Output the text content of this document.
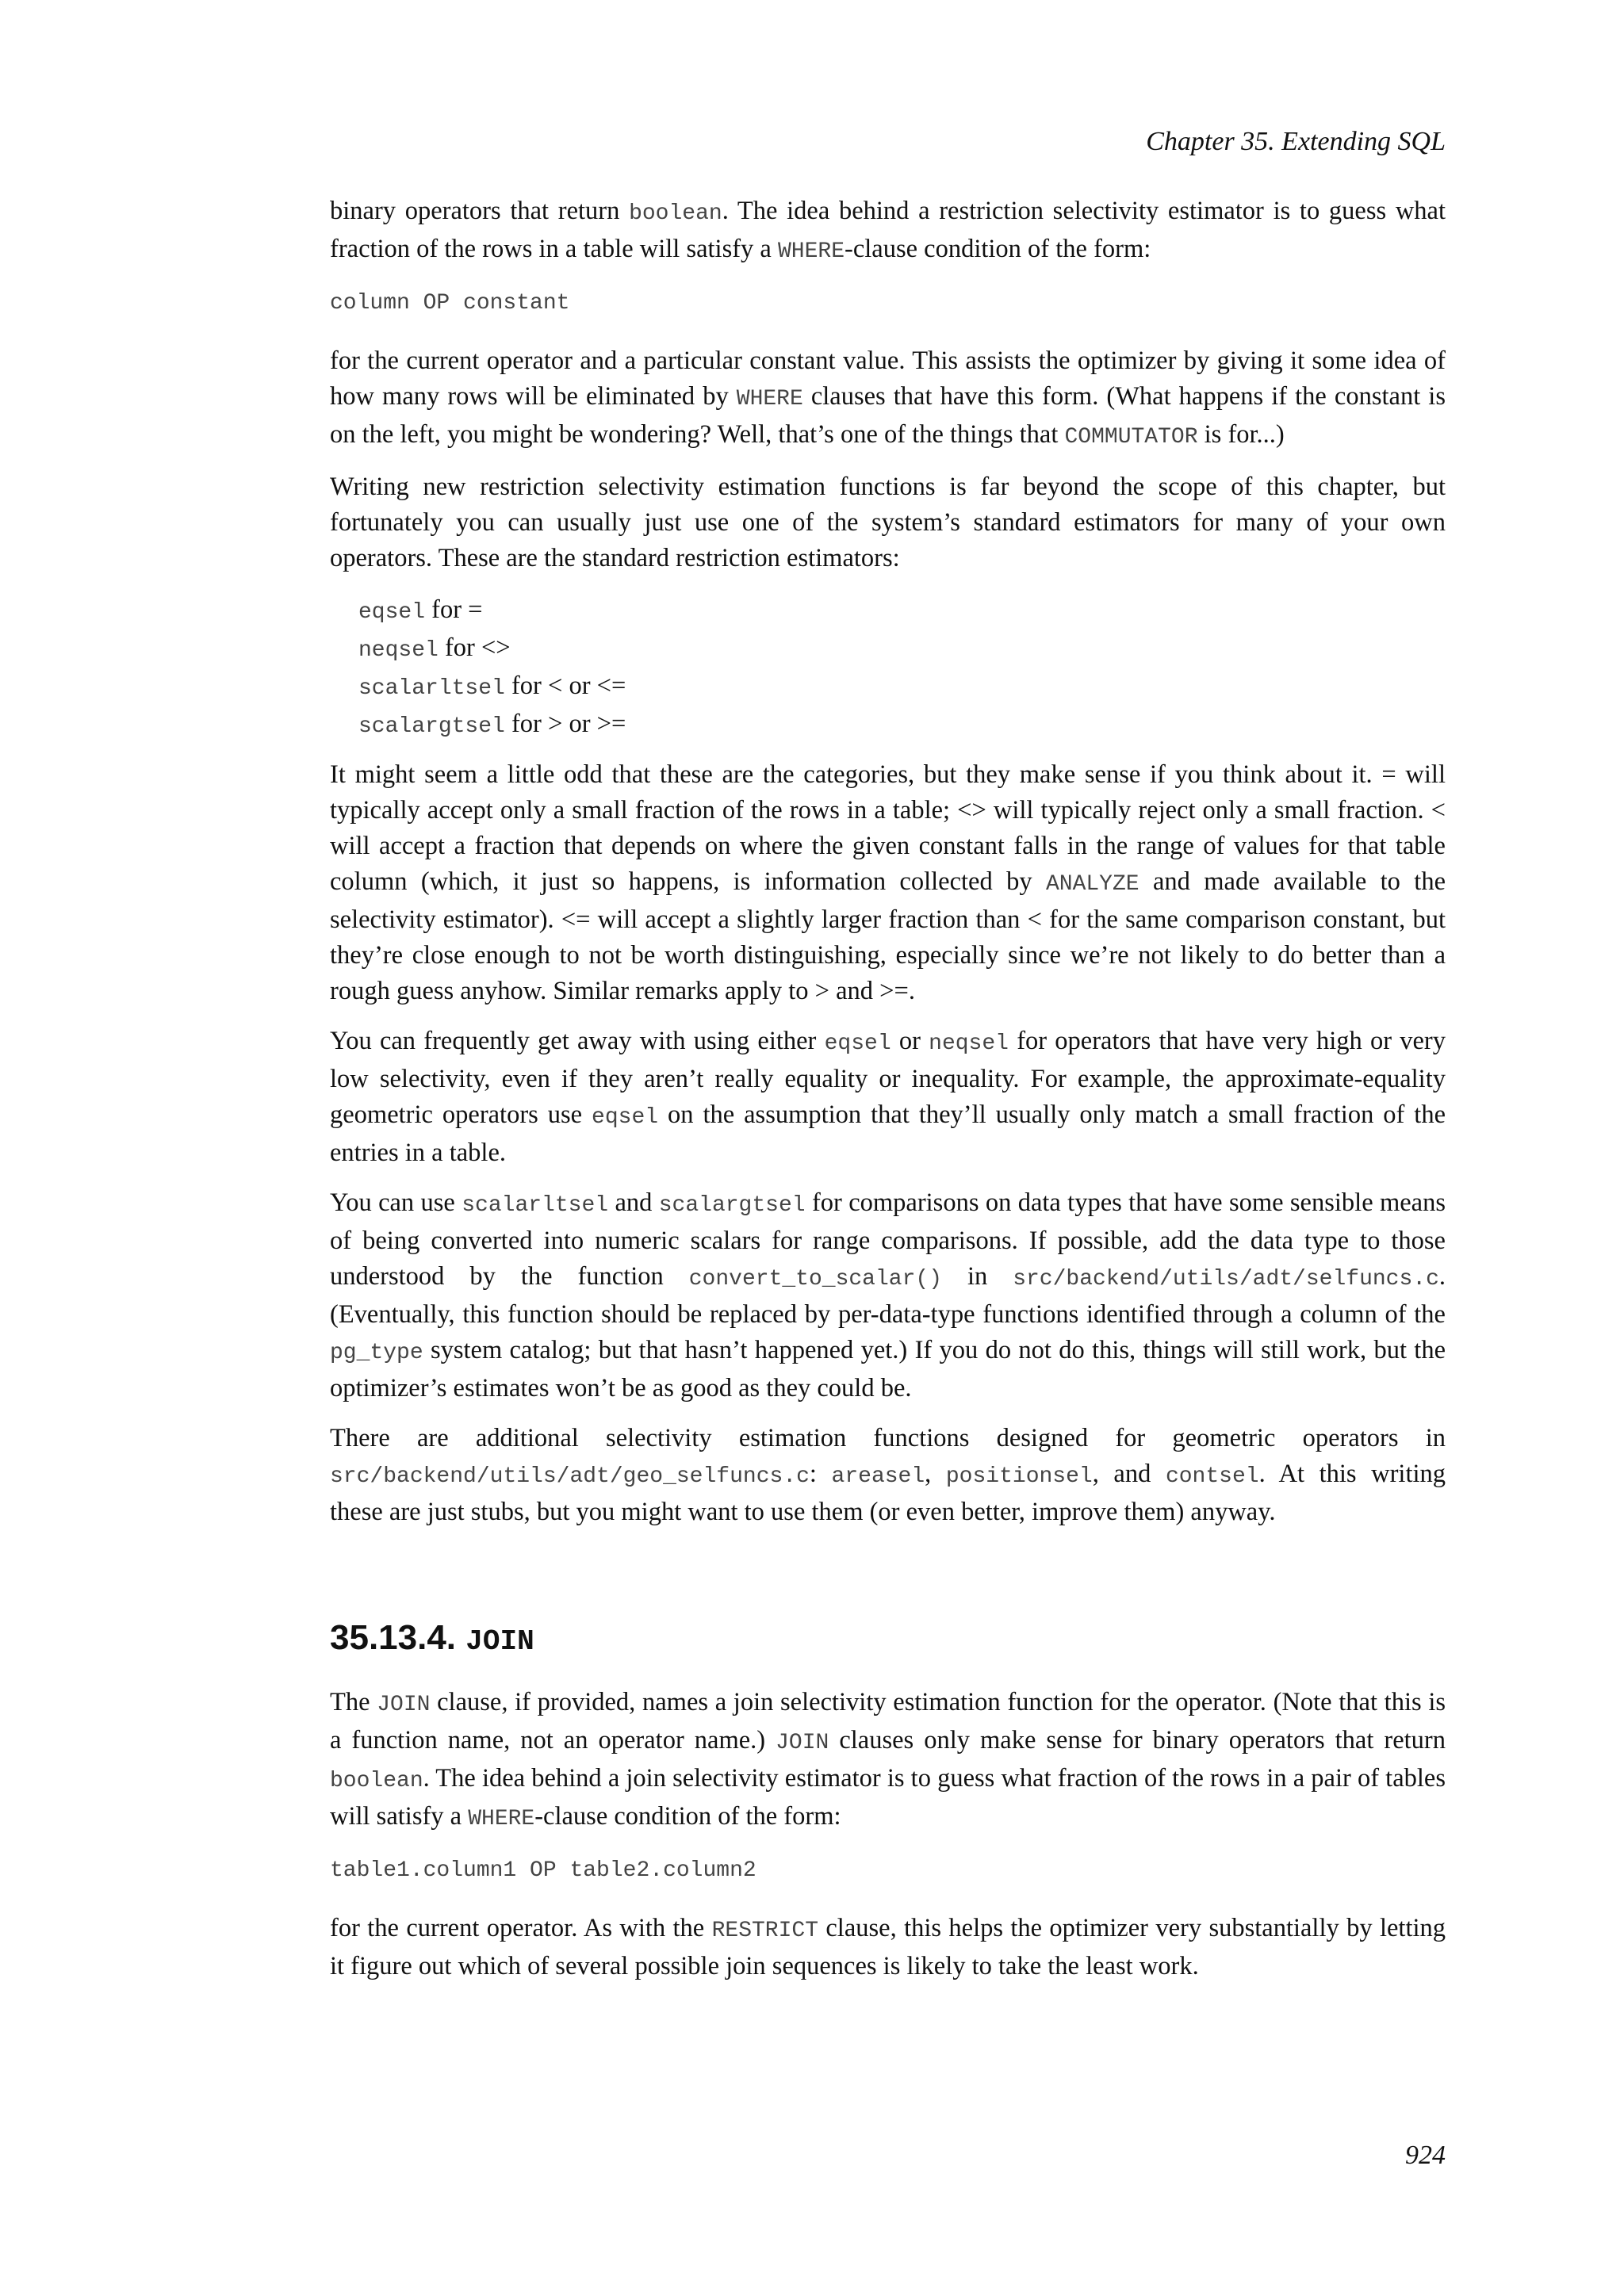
Chapter 35. Extending SQL

binary operators that return boolean. The idea behind a restriction selectivity estimator is to guess what fraction of the rows in a table will satisfy a WHERE-clause condition of the form:

column OP constant

for the current operator and a particular constant value. This assists the optimizer by giving it some idea of how many rows will be eliminated by WHERE clauses that have this form. (What happens if the constant is on the left, you might be wondering? Well, that’s one of the things that COMMUTATOR is for...)

Writing new restriction selectivity estimation functions is far beyond the scope of this chapter, but fortunately you can usually just use one of the system’s standard estimators for many of your own operators. These are the standard restriction estimators:

eqsel for =
neqsel for <>
scalarltsel for < or <=
scalargtsel for > or >=

It might seem a little odd that these are the categories, but they make sense if you think about it. = will typically accept only a small fraction of the rows in a table; <> will typically reject only a small fraction. < will accept a fraction that depends on where the given constant falls in the range of values for that table column (which, it just so happens, is information collected by ANALYZE and made available to the selectivity estimator). <= will accept a slightly larger fraction than < for the same comparison constant, but they’re close enough to not be worth distinguishing, especially since we’re not likely to do better than a rough guess anyhow. Similar remarks apply to > and >=.

You can frequently get away with using either eqsel or neqsel for operators that have very high or very low selectivity, even if they aren’t really equality or inequality. For example, the approximate-equality geometric operators use eqsel on the assumption that they’ll usually only match a small fraction of the entries in a table.

You can use scalarltsel and scalargtsel for comparisons on data types that have some sensible means of being converted into numeric scalars for range comparisons. If possible, add the data type to those understood by the function convert_to_scalar() in src/backend/utils/adt/selfuncs.c. (Eventually, this function should be replaced by per-data-type functions identified through a column of the pg_type system catalog; but that hasn’t happened yet.) If you do not do this, things will still work, but the optimizer’s estimates won’t be as good as they could be.

There are additional selectivity estimation functions designed for geometric operators in src/backend/utils/adt/geo_selfuncs.c: areasel, positionsel, and contsel. At this writing these are just stubs, but you might want to use them (or even better, improve them) anyway.

35.13.4. JOIN

The JOIN clause, if provided, names a join selectivity estimation function for the operator. (Note that this is a function name, not an operator name.) JOIN clauses only make sense for binary operators that return boolean. The idea behind a join selectivity estimator is to guess what fraction of the rows in a pair of tables will satisfy a WHERE-clause condition of the form:

table1.column1 OP table2.column2

for the current operator. As with the RESTRICT clause, this helps the optimizer very substantially by letting it figure out which of several possible join sequences is likely to take the least work.

924
